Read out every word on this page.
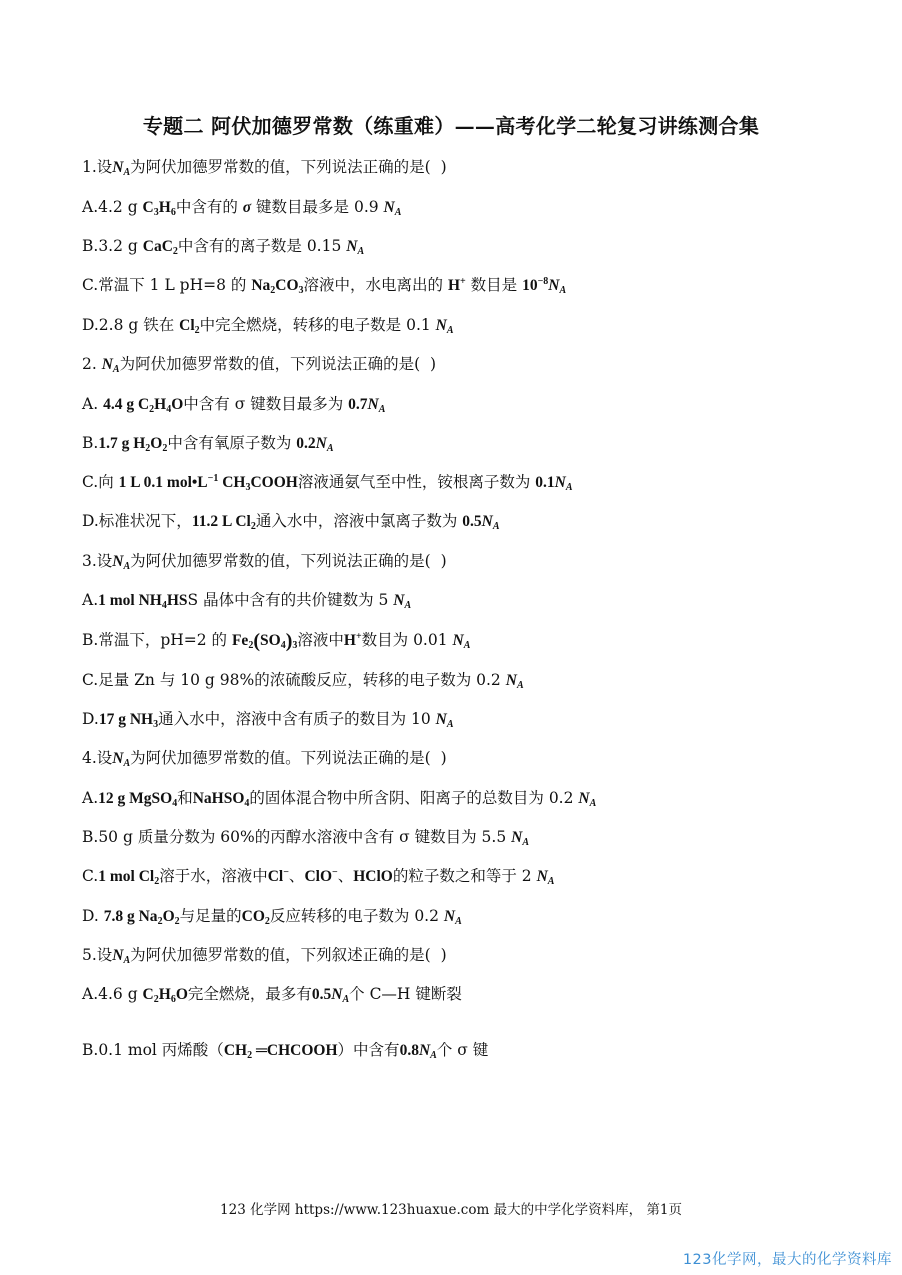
专题二 阿伏加德罗常数（练重难）——高考化学二轮复习讲练测合集
1.设$N_A$为阿伏加德罗常数的值，下列说法正确的是(  )
A.4.2 g $C_3H_6$中含有的 σ 键数目最多是 0.9 $N_A$
B.3.2 g CaC$_2$中含有的离子数是 0.15 $N_A$
C.常温下 1 L pH=8 的 $Na_2CO_3$溶液中，水电离出的 H+ 数目是 $10^{-8}N_A$
D.2.8 g 铁在 $Cl_2$中完全燃烧，转移的电子数是 0.1 $N_A$
2. $N_A$为阿伏加德罗常数的值，下列说法正确的是(  )
A. 4.4 g $C_2H_4O$中含有 σ 键数目最多为 $0.7N_A$
B.1.7 g $H_2O_2$中含有氧原子数为 $0.2N_A$
C.向 1 L 0.1 $mol•L^{-1}$ $CH_3COOH$溶液通氨气至中性，铵根离子数为 $0.1N_A$
D.标准状况下，11.2 L $Cl_2$通入水中，溶液中氯离子数为 $0.5N_A$
3.设$N_A$为阿伏加德罗常数的值，下列说法正确的是(  )
A.1 mol $NH_4HSS$ 晶体中含有的共价键数为 5 $N_A$
B.常温下，pH=2 的 $Fe_2(SO_4)_3$溶液中H+数目为 0.01 $N_A$
C.足量 Zn 与 10 g 98%的浓硫酸反应，转移的电子数为 0.2 $N_A$
D.17 g $NH_3$通入水中，溶液中含有质子的数目为 10 $N_A$
4.设$N_A$为阿伏加德罗常数的值。下列说法正确的是(  )
A.12 g MgSO$_4$和NaHSO$_4$的固体混合物中所含阴、阳离子的总数目为 0.2 $N_A$
B.50 g 质量分数为 60%的丙醇水溶液中含有 σ 键数目为 5.5 $N_A$
C.1 mol $Cl_2$溶于水，溶液中Cl−、ClO−、HClO的粒子数之和等于 2 $N_A$
D. 7.8 g $Na_2O_2$与足量的$CO_2$反应转移的电子数为 0.2 $N_A$
5.设$N_A$为阿伏加德罗常数的值，下列叙述正确的是(  )
A.4.6 g $C_2H_6O$完全燃烧，最多有$0.5N_A$个 C—H 键断裂
B.0.1 mol 丙烯酸（$CH_2$ ═CHCOOH）中含有$0.8N_A$个 σ 键
123 化学网 https://www.123huaxue.com 最大的中学化学资料库， 第1页
123化学网，最大的化学资料库
